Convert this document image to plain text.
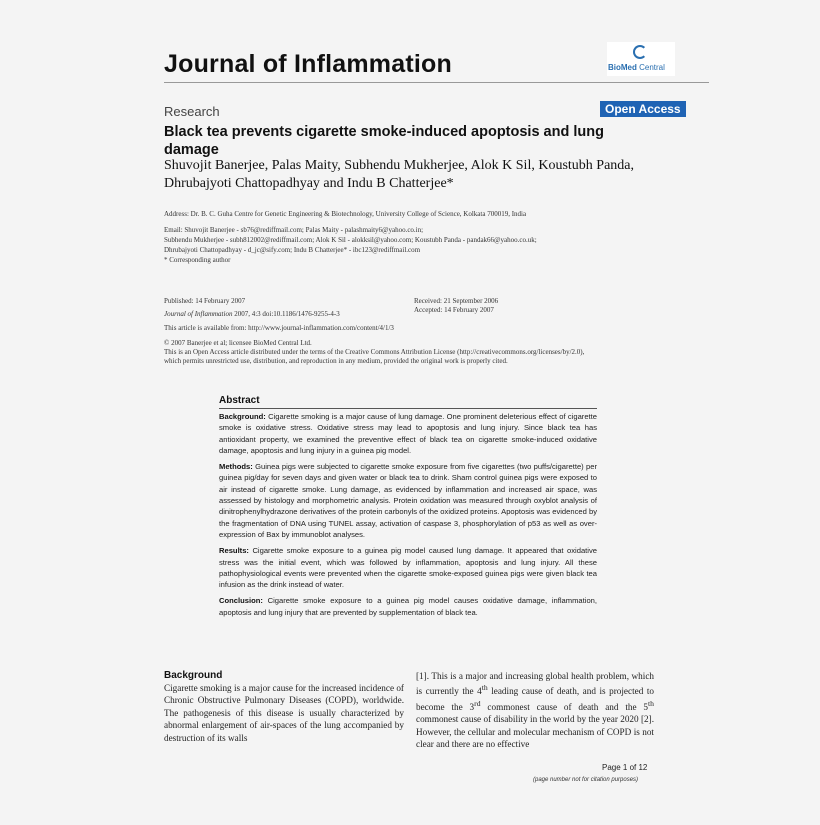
Journal of Inflammation	BioMed Central
Research	Open Access
Black tea prevents cigarette smoke-induced apoptosis and lung damage
Shuvojit Banerjee, Palas Maity, Subhendu Mukherjee, Alok K Sil, Koustubh Panda, Dhrubajyoti Chattopadhyay and Indu B Chatterjee*
Address: Dr. B. C. Guha Centre for Genetic Engineering & Biotechnology, University College of Science, Kolkata 700019, India
Email: Shuvojit Banerjee - sb76@rediffmail.com; Palas Maity - palashmaity6@yahoo.co.in;
Subhendu Mukherjee - subh812002@rediffmail.com; Alok K Sil - alokksil@yahoo.com; Koustubh Panda - pandak66@yahoo.co.uk;
Dhrubajyoti Chattopadhyay - d_jc@sify.com; Indu B Chatterjee* - ibc123@rediffmail.com
* Corresponding author
Published: 14 February 2007
Journal of Inflammation 2007, 4:3 doi:10.1186/1476-9255-4-3
Received: 21 September 2006
Accepted: 14 February 2007
This article is available from: http://www.journal-inflammation.com/content/4/1/3
© 2007 Banerjee et al; licensee BioMed Central Ltd.
This is an Open Access article distributed under the terms of the Creative Commons Attribution License (http://creativecommons.org/licenses/by/2.0),
which permits unrestricted use, distribution, and reproduction in any medium, provided the original work is properly cited.
Abstract
Background: Cigarette smoking is a major cause of lung damage. One prominent deleterious effect of cigarette smoke is oxidative stress. Oxidative stress may lead to apoptosis and lung injury. Since black tea has antioxidant property, we examined the preventive effect of black tea on cigarette smoke-induced oxidative damage, apoptosis and lung injury in a guinea pig model.
Methods: Guinea pigs were subjected to cigarette smoke exposure from five cigarettes (two puffs/cigarette) per guinea pig/day for seven days and given water or black tea to drink. Sham control guinea pigs were exposed to air instead of cigarette smoke. Lung damage, as evidenced by inflammation and increased air space, was assessed by histology and morphometric analysis. Protein oxidation was measured through oxyblot analysis of dinitrophenylhydrazone derivatives of the protein carbonyls of the oxidized proteins. Apoptosis was evidenced by the fragmentation of DNA using TUNEL assay, activation of caspase 3, phosphorylation of p53 as well as over-expression of Bax by immunoblot analyses.
Results: Cigarette smoke exposure to a guinea pig model caused lung damage. It appeared that oxidative stress was the initial event, which was followed by inflammation, apoptosis and lung injury. All these pathophysiological events were prevented when the cigarette smoke-exposed guinea pigs were given black tea infusion as the drink instead of water.
Conclusion: Cigarette smoke exposure to a guinea pig model causes oxidative damage, inflammation, apoptosis and lung injury that are prevented by supplementation of black tea.
Background
Cigarette smoking is a major cause for the increased incidence of Chronic Obstructive Pulmonary Diseases (COPD), worldwide. The pathogenesis of this disease is usually characterized by abnormal enlargement of air-spaces of the lung accompanied by destruction of its walls
[1]. This is a major and increasing global health problem, which is currently the 4th leading cause of death, and is projected to become the 3rd commonest cause of death and the 5th commonest cause of disability in the world by the year 2020 [2]. However, the cellular and molecular mechanism of COPD is not clear and there are no effective
Page 1 of 12
(page number not for citation purposes)
